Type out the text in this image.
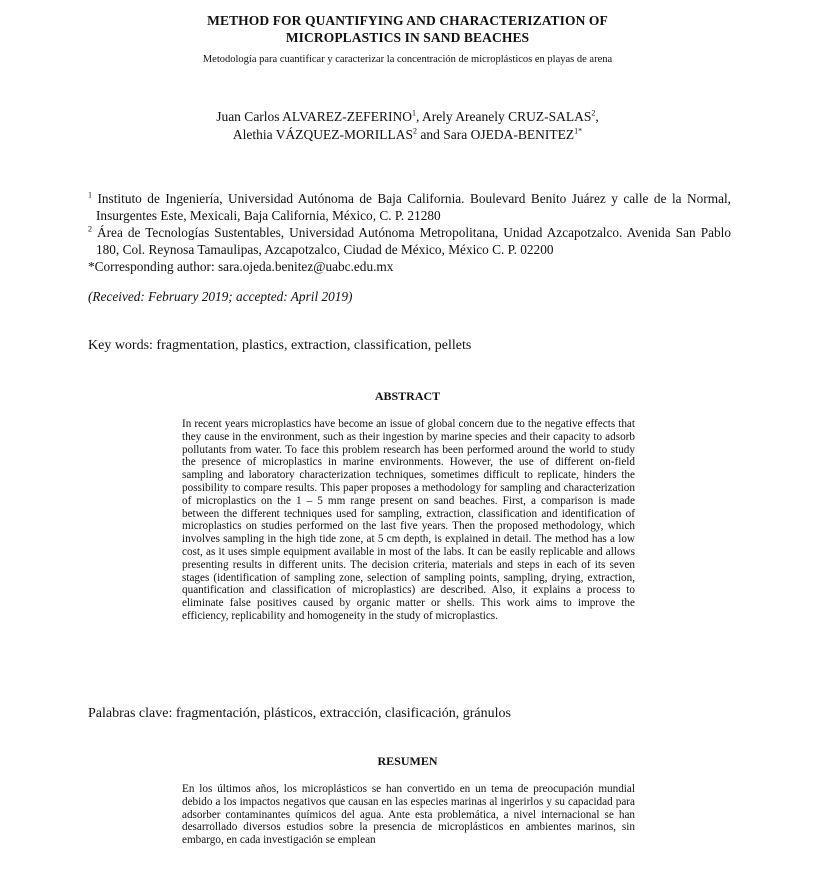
METHOD FOR QUANTIFYING AND CHARACTERIZATION OF
MICROPLASTICS IN SAND BEACHES
Metodología para cuantificar y caracterizar la concentración de microplásticos en playas de arena
Juan Carlos ALVAREZ-ZEFERINO$^1$, Arely Areanely CRUZ-SALAS$^2$,
Alethia VÁZQUEZ-MORILLAS$^2$ and Sara OJEDA-$BENITEZ^{1*}$
$^1$ Instituto de Ingeniería, Universidad Autónoma de Baja California. Boulevard Benito Juárez y calle de la Normal, Insurgentes Este, Mexicali, Baja California, México, C. P. 21280
$^2$ Área de Tecnologías Sustentables, Universidad Autónoma Metropolitana, Unidad Azcapotzalco. Avenida San Pablo 180, Col. Reynosa Tamaulipas, Azcapotzalco, Ciudad de México, México C. P. 02200
*Corresponding author: sara.ojeda.benitez@uabc.edu.mx
(Received: February 2019; accepted: April 2019)
Key words: fragmentation, plastics, extraction, classification, pellets
ABSTRACT
In recent years microplastics have become an issue of global concern due to the negative effects that they cause in the environment, such as their ingestion by marine species and their capacity to adsorb pollutants from water. To face this problem research has been performed around the world to study the presence of microplastics in marine environments. However, the use of different on-field sampling and laboratory characterization techniques, sometimes difficult to replicate, hinders the possibility to compare results. This paper proposes a methodology for sampling and characterization of microplastics on the 1 – 5 mm range present on sand beaches. First, a comparison is made between the different techniques used for sampling, extraction, classification and identification of microplastics on studies performed on the last five years. Then the proposed methodology, which involves sampling in the high tide zone, at 5 cm depth, is explained in detail. The method has a low cost, as it uses simple equipment available in most of the labs. It can be easily replicable and allows presenting results in different units. The decision criteria, materials and steps in each of its seven stages (identification of sampling zone, selection of sampling points, sampling, drying, extraction, quantification and classification of microplastics) are described. Also, it explains a process to eliminate false positives caused by organic matter or shells. This work aims to improve the efficiency, replicability and homogeneity in the study of microplastics.
Palabras clave: fragmentación, plásticos, extracción, clasificación, gránulos
RESUMEN
En los últimos años, los microplásticos se han convertido en un tema de preocupación mundial debido a los impactos negativos que causan en las especies marinas al ingerirlos y su capacidad para adsorber contaminantes químicos del agua. Ante esta problemática, a nivel internacional se han desarrollado diversos estudios sobre la presencia de microplásticos en ambientes marinos, sin embargo, en cada investigación se emplean
